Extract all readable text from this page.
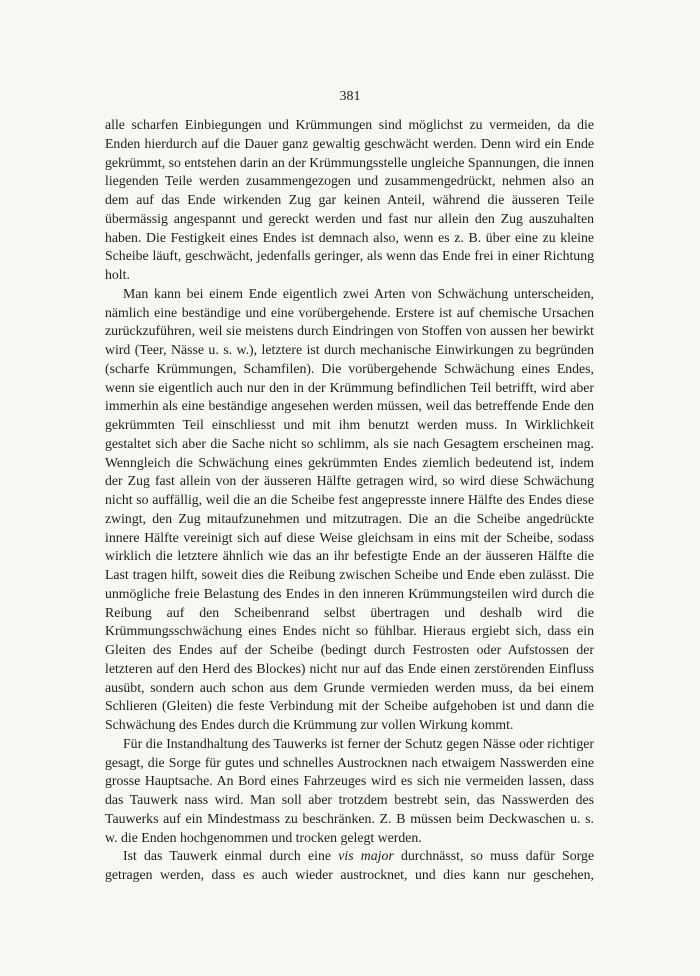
381

alle scharfen Einbiegungen und Krümmungen sind möglichst zu vermeiden, da die Enden hierdurch auf die Dauer ganz gewaltig geschwächt werden. Denn wird ein Ende gekrümmt, so entstehen darin an der Krümmungsstelle ungleiche Spannungen, die innen liegenden Teile werden zusammengezogen und zusammengedrückt, nehmen also an dem auf das Ende wirkenden Zug gar keinen Anteil, während die äusseren Teile übermässig angespannt und gereckt werden und fast nur allein den Zug auszuhalten haben. Die Festigkeit eines Endes ist demnach also, wenn es z. B. über eine zu kleine Scheibe läuft, geschwächt, jedenfalls geringer, als wenn das Ende frei in einer Richtung holt.

Man kann bei einem Ende eigentlich zwei Arten von Schwächung unterscheiden, nämlich eine beständige und eine vorübergehende. Erstere ist auf chemische Ursachen zurückzuführen, weil sie meistens durch Eindringen von Stoffen von aussen her bewirkt wird (Teer, Nässe u. s. w.), letztere ist durch mechanische Einwirkungen zu begründen (scharfe Krümmungen, Schamfilen). Die vorübergehende Schwächung eines Endes, wenn sie eigentlich auch nur den in der Krümmung befindlichen Teil betrifft, wird aber immerhin als eine beständige angesehen werden müssen, weil das betreffende Ende den gekrümmten Teil einschliesst und mit ihm benutzt werden muss. In Wirklichkeit gestaltet sich aber die Sache nicht so schlimm, als sie nach Gesagtem erscheinen mag. Wenngleich die Schwächung eines gekrümmten Endes ziemlich bedeutend ist, indem der Zug fast allein von der äusseren Hälfte getragen wird, so wird diese Schwächung nicht so auffällig, weil die an die Scheibe fest angepresste innere Hälfte des Endes diese zwingt, den Zug mitaufzunehmen und mitzutragen. Die an die Scheibe angedrückte innere Hälfte vereinigt sich auf diese Weise gleichsam in eins mit der Scheibe, sodass wirklich die letztere ähnlich wie das an ihr befestigte Ende an der äusseren Hälfte die Last tragen hilft, soweit dies die Reibung zwischen Scheibe und Ende eben zulässt. Die unmögliche freie Belastung des Endes in den inneren Krümmungsteilen wird durch die Reibung auf den Scheibenrand selbst übertragen und deshalb wird die Krümmungsschwächung eines Endes nicht so fühlbar. Hieraus ergiebt sich, dass ein Gleiten des Endes auf der Scheibe (bedingt durch Festrosten oder Aufstossen der letzteren auf den Herd des Blockes) nicht nur auf das Ende einen zerstörenden Einfluss ausübt, sondern auch schon aus dem Grunde vermieden werden muss, da bei einem Schlieren (Gleiten) die feste Verbindung mit der Scheibe aufgehoben ist und dann die Schwächung des Endes durch die Krümmung zur vollen Wirkung kommt.

Für die Instandhaltung des Tauwerks ist ferner der Schutz gegen Nässe oder richtiger gesagt, die Sorge für gutes und schnelles Austrocknen nach etwaigem Nasswerden eine grosse Hauptsache. An Bord eines Fahrzeuges wird es sich nie vermeiden lassen, dass das Tauwerk nass wird. Man soll aber trotzdem bestrebt sein, das Nasswerden des Tauwerks auf ein Mindestmass zu beschränken. Z. B müssen beim Deckwaschen u. s. w. die Enden hochgenommen und trocken gelegt werden.

Ist das Tauwerk einmal durch eine vis major durchnässt, so muss dafür Sorge getragen werden, dass es auch wieder austrocknet, und dies kann nur geschehen,
